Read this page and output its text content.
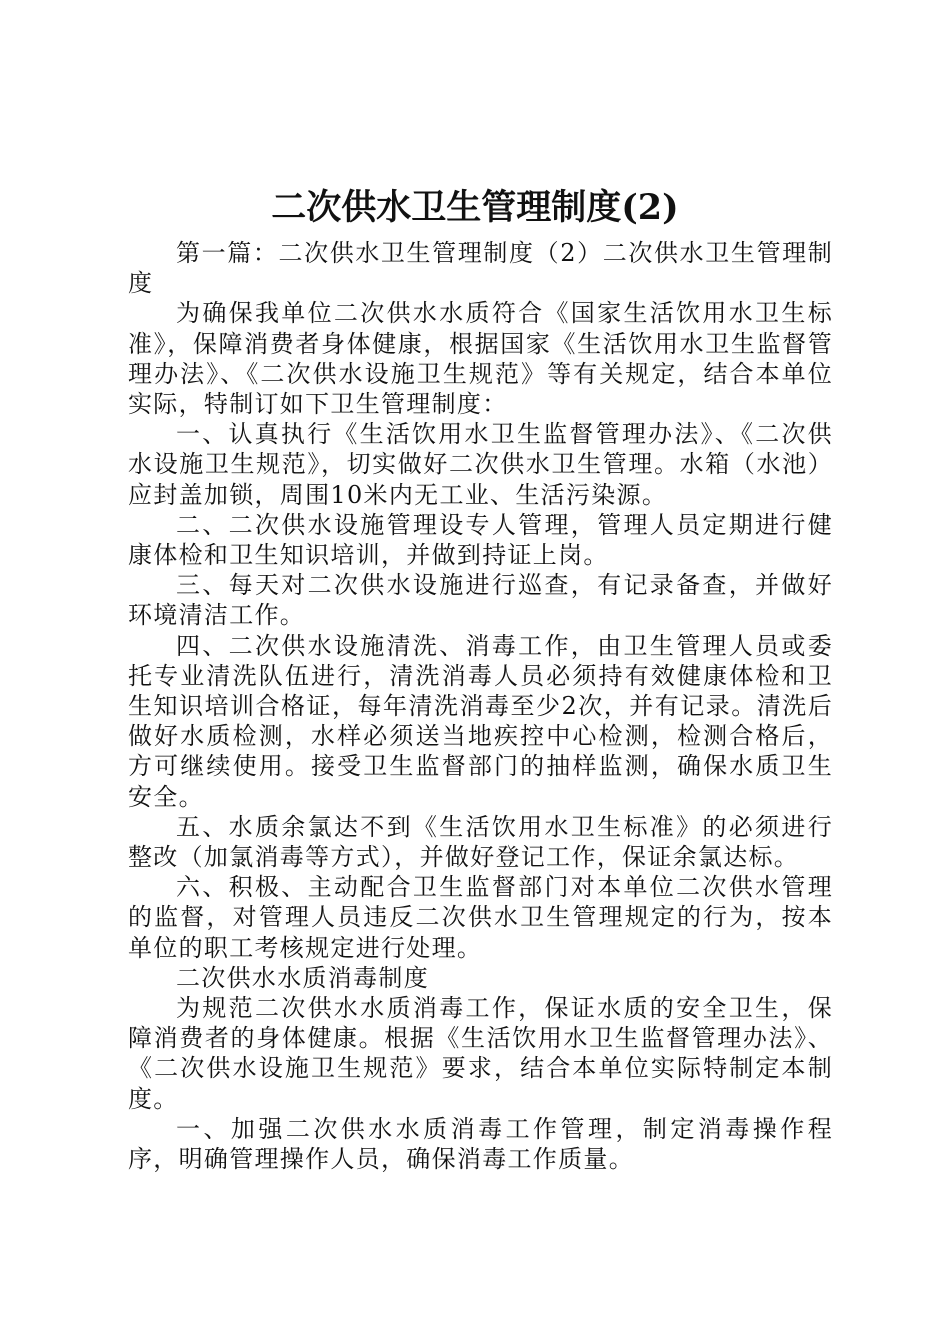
二次供水卫生管理制度(2)

第一篇：二次供水卫生管理制度（2）二次供水卫生管理制度

为确保我单位二次供水水质符合《国家生活饮用水卫生标准》，保障消费者身体健康，根据国家《生活饮用水卫生监督管理办法》、《二次供水设施卫生规范》等有关规定，结合本单位实际，特制订如下卫生管理制度：

一、认真执行《生活饮用水卫生监督管理办法》、《二次供水设施卫生规范》，切实做好二次供水卫生管理。水箱（水池）应封盖加锁，周围10米内无工业、生活污染源。

二、二次供水设施管理设专人管理，管理人员定期进行健康体检和卫生知识培训，并做到持证上岗。

三、每天对二次供水设施进行巡查，有记录备查，并做好环境清洁工作。

四、二次供水设施清洗、消毒工作，由卫生管理人员或委托专业清洗队伍进行，清洗消毒人员必须持有效健康体检和卫生知识培训合格证，每年清洗消毒至少2次，并有记录。清洗后做好水质检测，水样必须送当地疾控中心检测，检测合格后，方可继续使用。接受卫生监督部门的抽样监测，确保水质卫生安全。

五、水质余氯达不到《生活饮用水卫生标准》的必须进行整改（加氯消毒等方式），并做好登记工作，保证余氯达标。

六、积极、主动配合卫生监督部门对本单位二次供水管理的监督，对管理人员违反二次供水卫生管理规定的行为，按本单位的职工考核规定进行处理。

二次供水水质消毒制度

为规范二次供水水质消毒工作，保证水质的安全卫生，保障消费者的身体健康。根据《生活饮用水卫生监督管理办法》、《二次供水设施卫生规范》要求，结合本单位实际特制定本制度。

一、加强二次供水水质消毒工作管理，制定消毒操作程序，明确管理操作人员，确保消毒工作质量。
